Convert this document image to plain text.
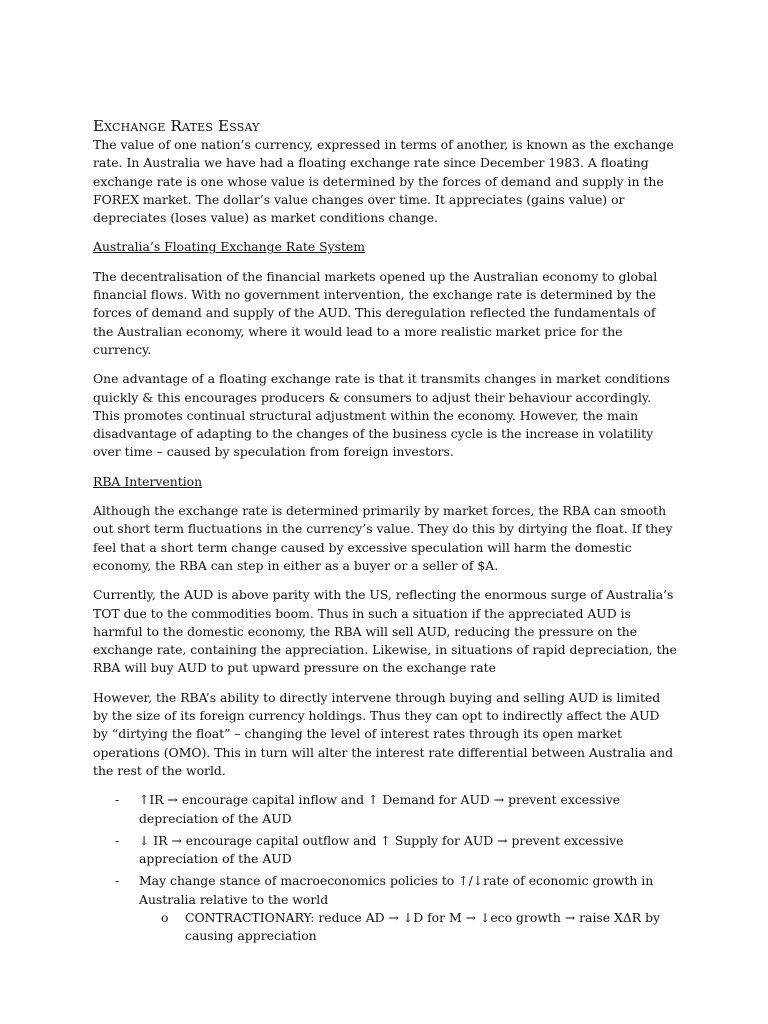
Exchange Rates Essay

The value of one nation’s currency, expressed in terms of another, is known as the exchange rate. In Australia we have had a floating exchange rate since December 1983. A floating exchange rate is one whose value is determined by the forces of demand and supply in the FOREX market. The dollar’s value changes over time. It appreciates (gains value) or depreciates (loses value) as market conditions change.

Australia’s Floating Exchange Rate System

The decentralisation of the financial markets opened up the Australian economy to global financial flows. With no government intervention, the exchange rate is determined by the forces of demand and supply of the AUD. This deregulation reflected the fundamentals of the Australian economy, where it would lead to a more realistic market price for the currency.

One advantage of a floating exchange rate is that it transmits changes in market conditions quickly & this encourages producers & consumers to adjust their behaviour accordingly. This promotes continual structural adjustment within the economy. However, the main disadvantage of adapting to the changes of the business cycle is the increase in volatility over time – caused by speculation from foreign investors.

RBA Intervention

Although the exchange rate is determined primarily by market forces, the RBA can smooth out short term fluctuations in the currency’s value. They do this by dirtying the float. If they feel that a short term change caused by excessive speculation will harm the domestic economy, the RBA can step in either as a buyer or a seller of $A.

Currently, the AUD is above parity with the US, reflecting the enormous surge of Australia’s TOT due to the commodities boom. Thus in such a situation if the appreciated AUD is harmful to the domestic economy, the RBA will sell AUD, reducing the pressure on the exchange rate, containing the appreciation. Likewise, in situations of rapid depreciation, the RBA will buy AUD to put upward pressure on the exchange rate

However, the RBA’s ability to directly intervene through buying and selling AUD is limited by the size of its foreign currency holdings. Thus they can opt to indirectly affect the AUD by “dirtying the float” – changing the level of interest rates through its open market operations (OMO). This in turn will alter the interest rate differential between Australia and the rest of the world.

- ↑IR → encourage capital inflow and ↑ Demand for AUD → prevent excessive depreciation of the AUD
- ↓ IR → encourage capital outflow and ↑ Supply for AUD → prevent excessive appreciation of the AUD
- May change stance of macroeconomics policies to ↑/↓rate of economic growth in Australia relative to the world
o CONTRACTIONARY: reduce AD → ↓D for M → ↓eco growth → raise XΔR by causing appreciation
